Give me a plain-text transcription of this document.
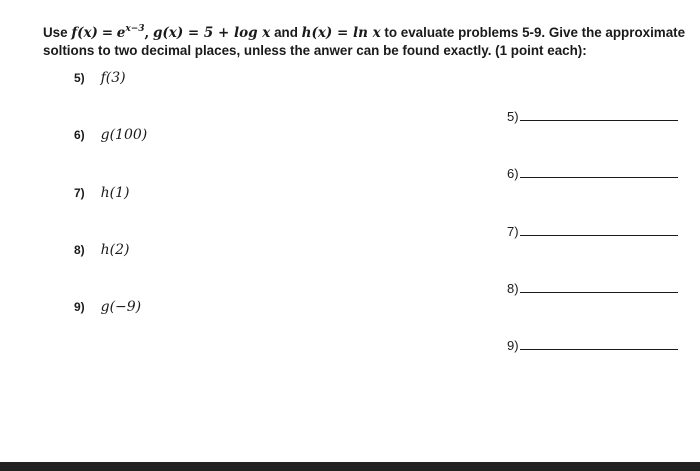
Use $f(x) = e^{x-3}$, g(x) = 5 + log x and h(x) = ln x to evaluate problems 5-9. Give the approximate
soltions to two decimal places, unless the anwer can be found exactly. (1 point each):
5) f(3)
6) g(100)
7) h(1)
8) h(2)
9) g(−9)
5)
6)
7)
8)
9)
